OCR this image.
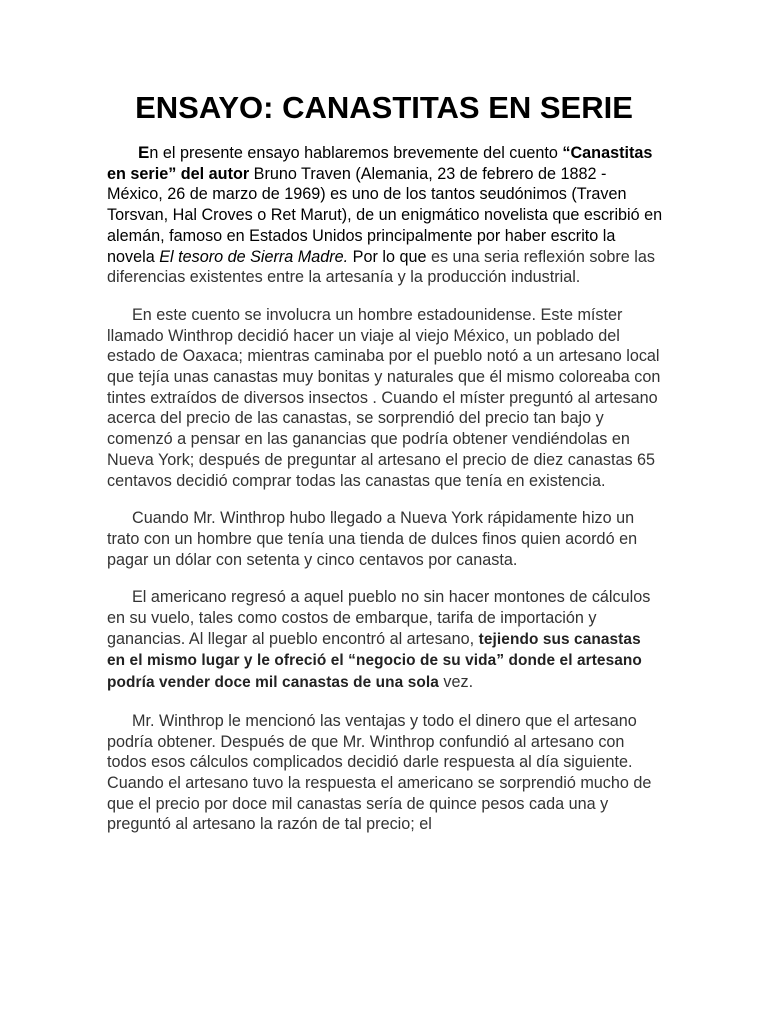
ENSAYO: CANASTITAS EN SERIE

En el presente ensayo hablaremos brevemente del cuento “Canastitas en serie” del autor Bruno Traven (Alemania, 23 de febrero de 1882 - México, 26 de marzo de 1969) es uno de los tantos seudónimos (Traven Torsvan, Hal Croves o Ret Marut), de un enigmático novelista que escribió en alemán, famoso en Estados Unidos principalmente por haber escrito la novela El tesoro de Sierra Madre. Por lo que es una seria reflexión sobre las diferencias existentes entre la artesanía y la producción industrial.

En este cuento se involucra un hombre estadounidense. Este míster llamado Winthrop decidió hacer un viaje al viejo México, un poblado del estado de Oaxaca; mientras caminaba por el pueblo notó a un artesano local que tejía unas canastas muy bonitas y naturales que él mismo coloreaba con tintes extraídos de diversos insectos . Cuando el míster preguntó al artesano acerca del precio de las canastas, se sorprendió del precio tan bajo y comenzó a pensar en las ganancias que podría obtener vendiéndolas en Nueva York; después de preguntar al artesano el precio de diez canastas 65 centavos decidió comprar todas las canastas que tenía en existencia.

Cuando Mr. Winthrop hubo llegado a Nueva York rápidamente hizo un trato con un hombre que tenía una tienda de dulces finos quien acordó en pagar un dólar con setenta y cinco centavos por canasta.

El americano regresó a aquel pueblo no sin hacer montones de cálculos en su vuelo, tales como costos de embarque, tarifa de importación y ganancias. Al llegar al pueblo encontró al artesano, tejiendo sus canastas en el mismo lugar y le ofreció el “negocio de su vida” donde el artesano podría vender doce mil canastas de una sola vez.

Mr. Winthrop le mencionó las ventajas y todo el dinero que el artesano podría obtener. Después de que Mr. Winthrop confundió al artesano con todos esos cálculos complicados decidió darle respuesta al día siguiente. Cuando el artesano tuvo la respuesta el americano se sorprendió mucho de que el precio por doce mil canastas sería de quince pesos cada una y preguntó al artesano la razón de tal precio; el
